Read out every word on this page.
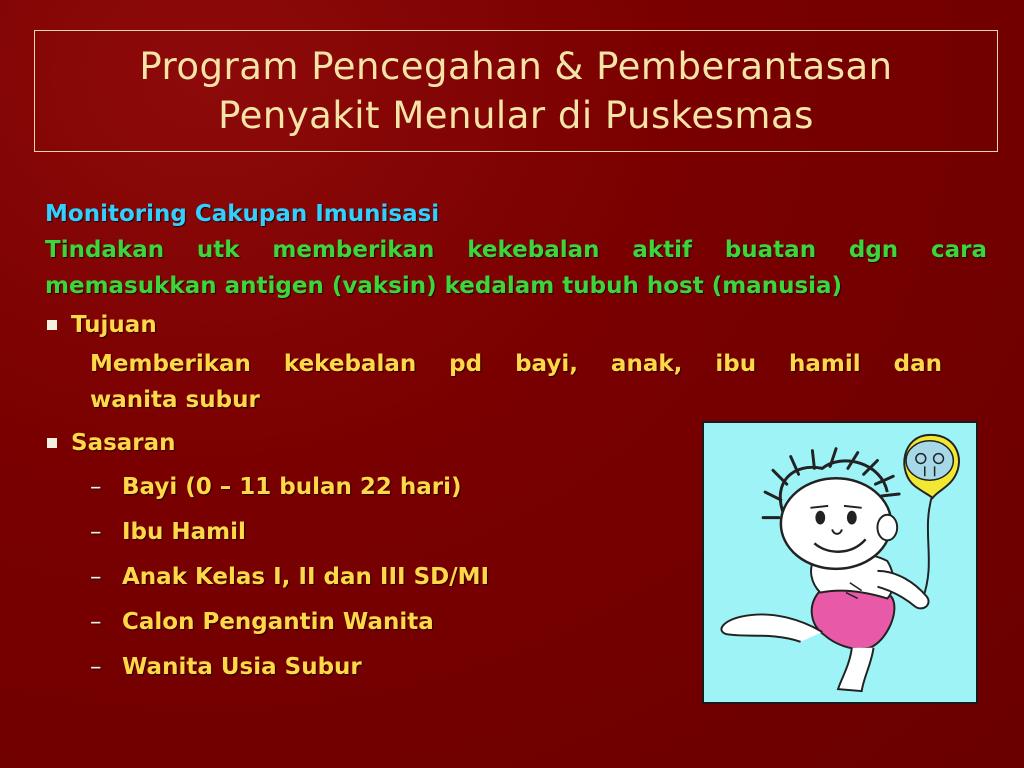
Program Pencegahan & Pemberantasan
Penyakit Menular di Puskesmas
Monitoring Cakupan Imunisasi
Tindakan utk memberikan kekebalan aktif buatan dgn cara
memasukkan antigen (vaksin) kedalam tubuh host (manusia)
Tujuan
Memberikan kekebalan pd bayi, anak, ibu hamil dan
wanita subur
Sasaran
– Bayi (0 – 11 bulan 22 hari)
– Ibu Hamil
– Anak Kelas I, II dan III SD/MI
– Calon Pengantin Wanita
– Wanita Usia Subur
